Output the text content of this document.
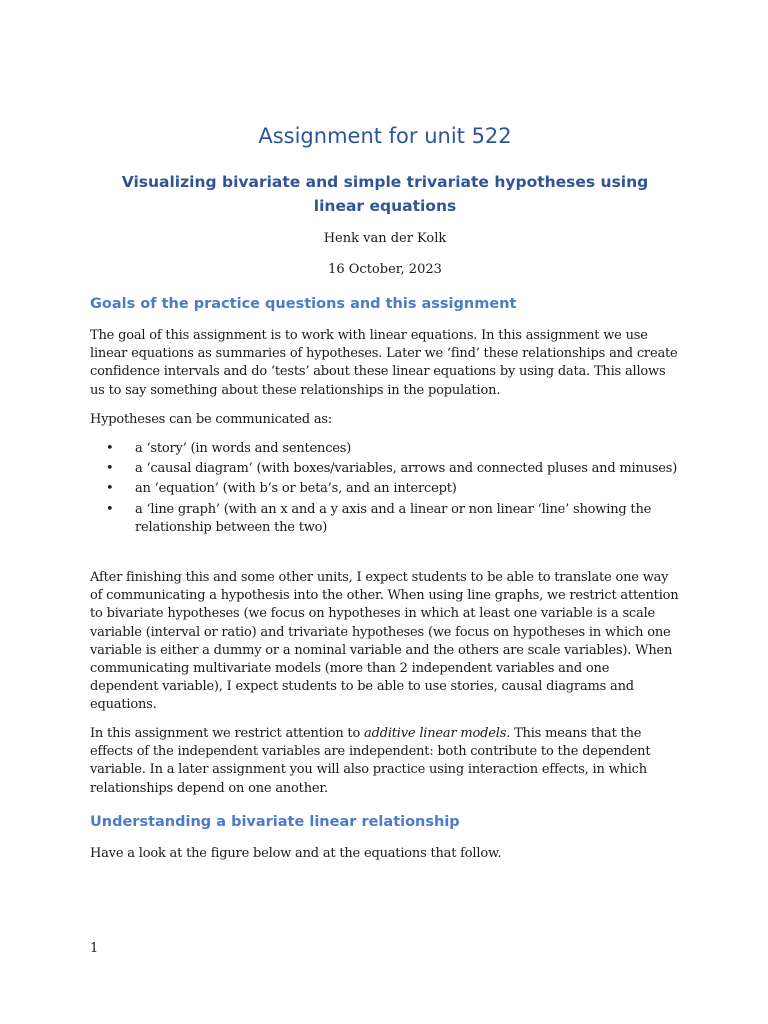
Assignment for unit 522
Visualizing bivariate and simple trivariate hypotheses using linear equations

Henk van der Kolk

16 October, 2023

Goals of the practice questions and this assignment

The goal of this assignment is to work with linear equations. In this assignment we use linear equations as summaries of hypotheses. Later we ‘find’ these relationships and create confidence intervals and do ‘tests’ about these linear equations by using data. This allows us to say something about these relationships in the population.

Hypotheses can be communicated as:

• a ‘story’ (in words and sentences)
• a ‘causal diagram’ (with boxes/variables, arrows and connected pluses and minuses)
• an ‘equation’ (with b’s or beta’s, and an intercept)
• a ‘line graph’ (with an x and a y axis and a linear or non linear ‘line’ showing the relationship between the two)

After finishing this and some other units, I expect students to be able to translate one way of communicating a hypothesis into the other. When using line graphs, we restrict attention to bivariate hypotheses (we focus on hypotheses in which at least one variable is a scale variable (interval or ratio) and trivariate hypotheses (we focus on hypotheses in which one variable is either a dummy or a nominal variable and the others are scale variables). When communicating multivariate models (more than 2 independent variables and one dependent variable), I expect students to be able to use stories, causal diagrams and equations.

In this assignment we restrict attention to additive linear models. This means that the effects of the independent variables are independent: both contribute to the dependent variable. In a later assignment you will also practice using interaction effects, in which relationships depend on one another.

Understanding a bivariate linear relationship

Have a look at the figure below and at the equations that follow.

1
